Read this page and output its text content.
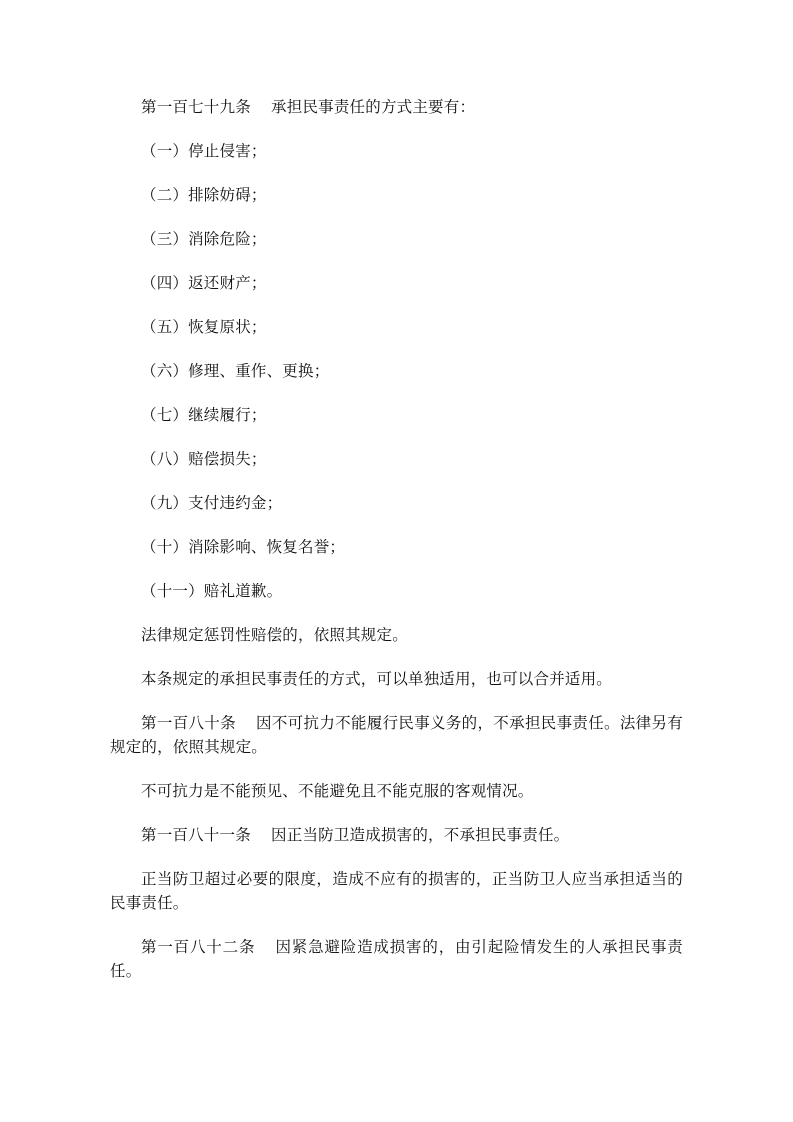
第一百七十九条 承担民事责任的方式主要有：

（一）停止侵害；

（二）排除妨碍；

（三）消除危险；

（四）返还财产；

（五）恢复原状；

（六）修理、重作、更换；

（七）继续履行；

（八）赔偿损失；

（九）支付违约金；

（十）消除影响、恢复名誉；

（十一）赔礼道歉。

法律规定惩罚性赔偿的，依照其规定。

本条规定的承担民事责任的方式，可以单独适用，也可以合并适用。

第一百八十条 因不可抗力不能履行民事义务的，不承担民事责任。法律另有规定的，依照其规定。

不可抗力是不能预见、不能避免且不能克服的客观情况。

第一百八十一条 因正当防卫造成损害的，不承担民事责任。

正当防卫超过必要的限度，造成不应有的损害的，正当防卫人应当承担适当的民事责任。

第一百八十二条 因紧急避险造成损害的，由引起险情发生的人承担民事责任。
